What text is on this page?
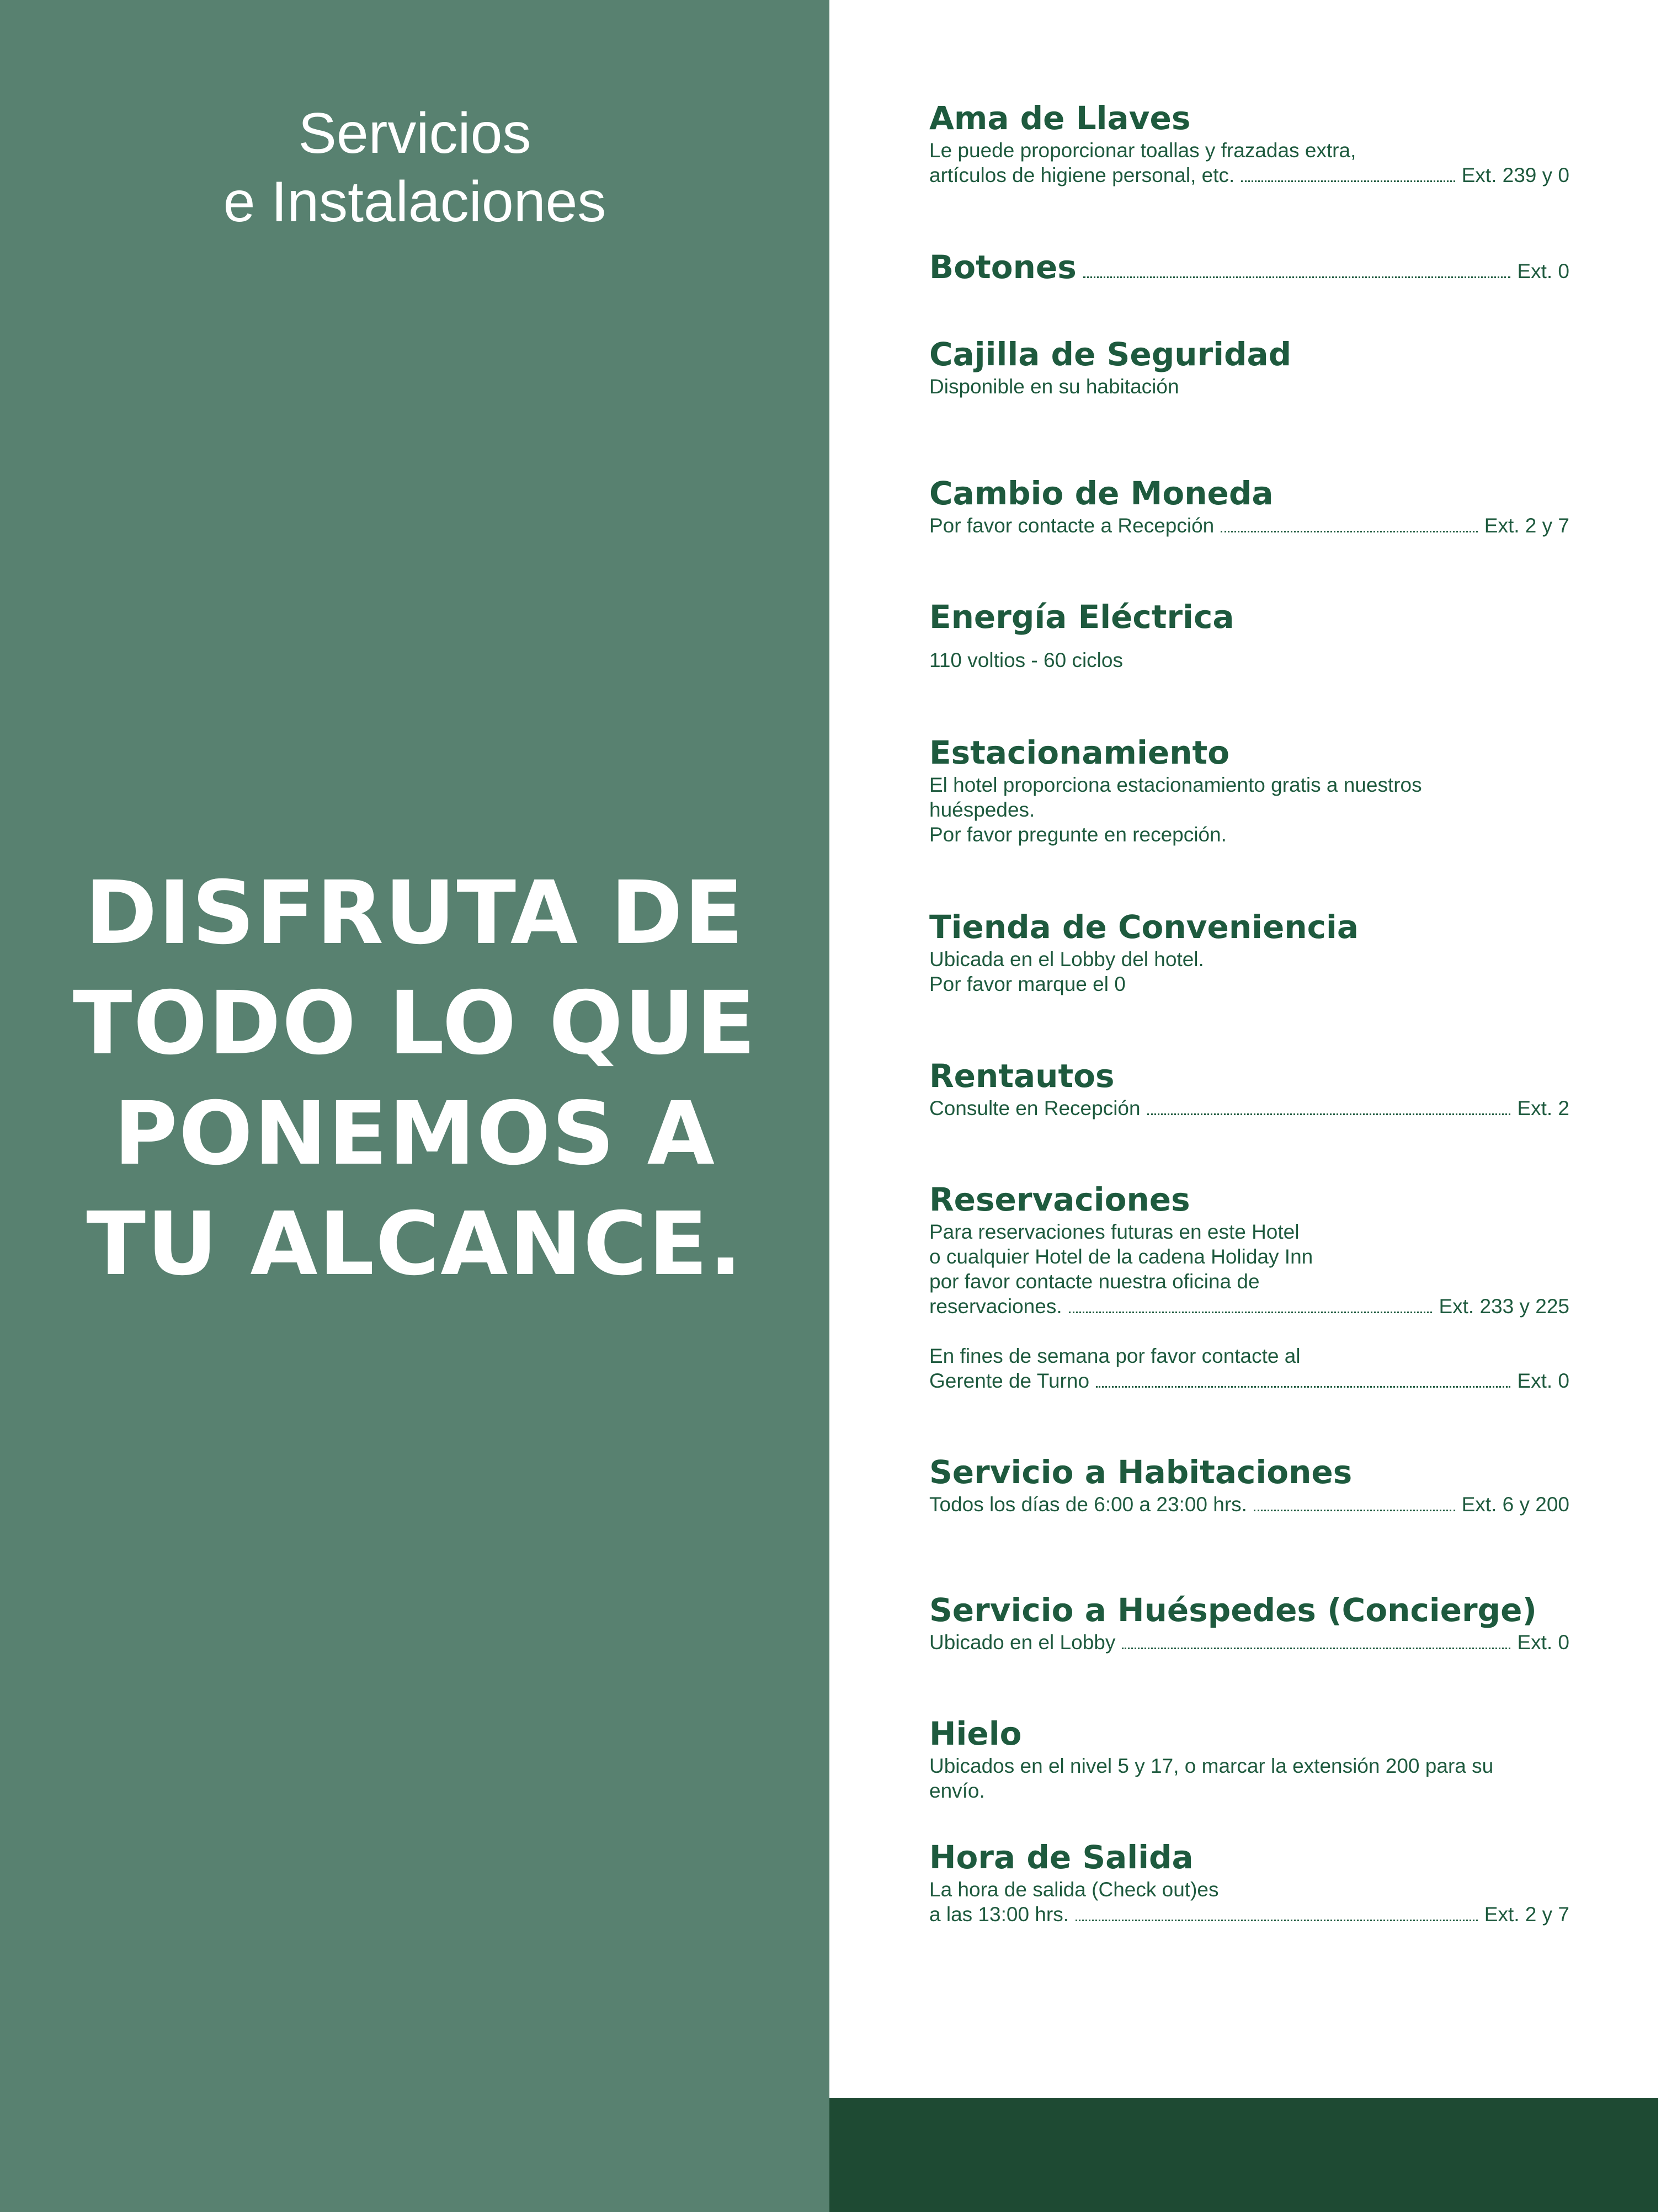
Servicios
e Instalaciones
DISFRUTA DE
TODO LO QUE
PONEMOS A
TU ALCANCE.
Ama de Llaves
Le puede proporcionar toallas y frazadas extra,
artículos de higiene personal, etc.	Ext. 239 y 0
Botones	Ext. 0
Cajilla de Seguridad
Disponible en su habitación
Cambio de Moneda
Por favor contacte a Recepción	Ext. 2 y 7
Energía Eléctrica
110 voltios - 60 ciclos
Estacionamiento
El hotel proporciona estacionamiento gratis a nuestros
huéspedes.
Por favor pregunte en recepción.
Tienda de Conveniencia
Ubicada en el Lobby del hotel.
Por favor marque el 0
Rentautos
Consulte en Recepción	Ext. 2
Reservaciones
Para reservaciones futuras en este Hotel
o cualquier Hotel de la cadena Holiday Inn
por favor contacte nuestra oficina de
reservaciones.	Ext. 233 y 225
En fines de semana por favor contacte al
Gerente de Turno	Ext. 0
Servicio a Habitaciones
Todos los días de 6:00 a 23:00 hrs.	Ext. 6 y 200
Servicio a Huéspedes (Concierge)
Ubicado en el Lobby	Ext. 0
Hielo
Ubicados en el nivel 5 y 17, o marcar la extensión 200 para su
envío.
Hora de Salida
La hora de salida (Check out)es
a las 13:00 hrs.	Ext. 2 y 7
